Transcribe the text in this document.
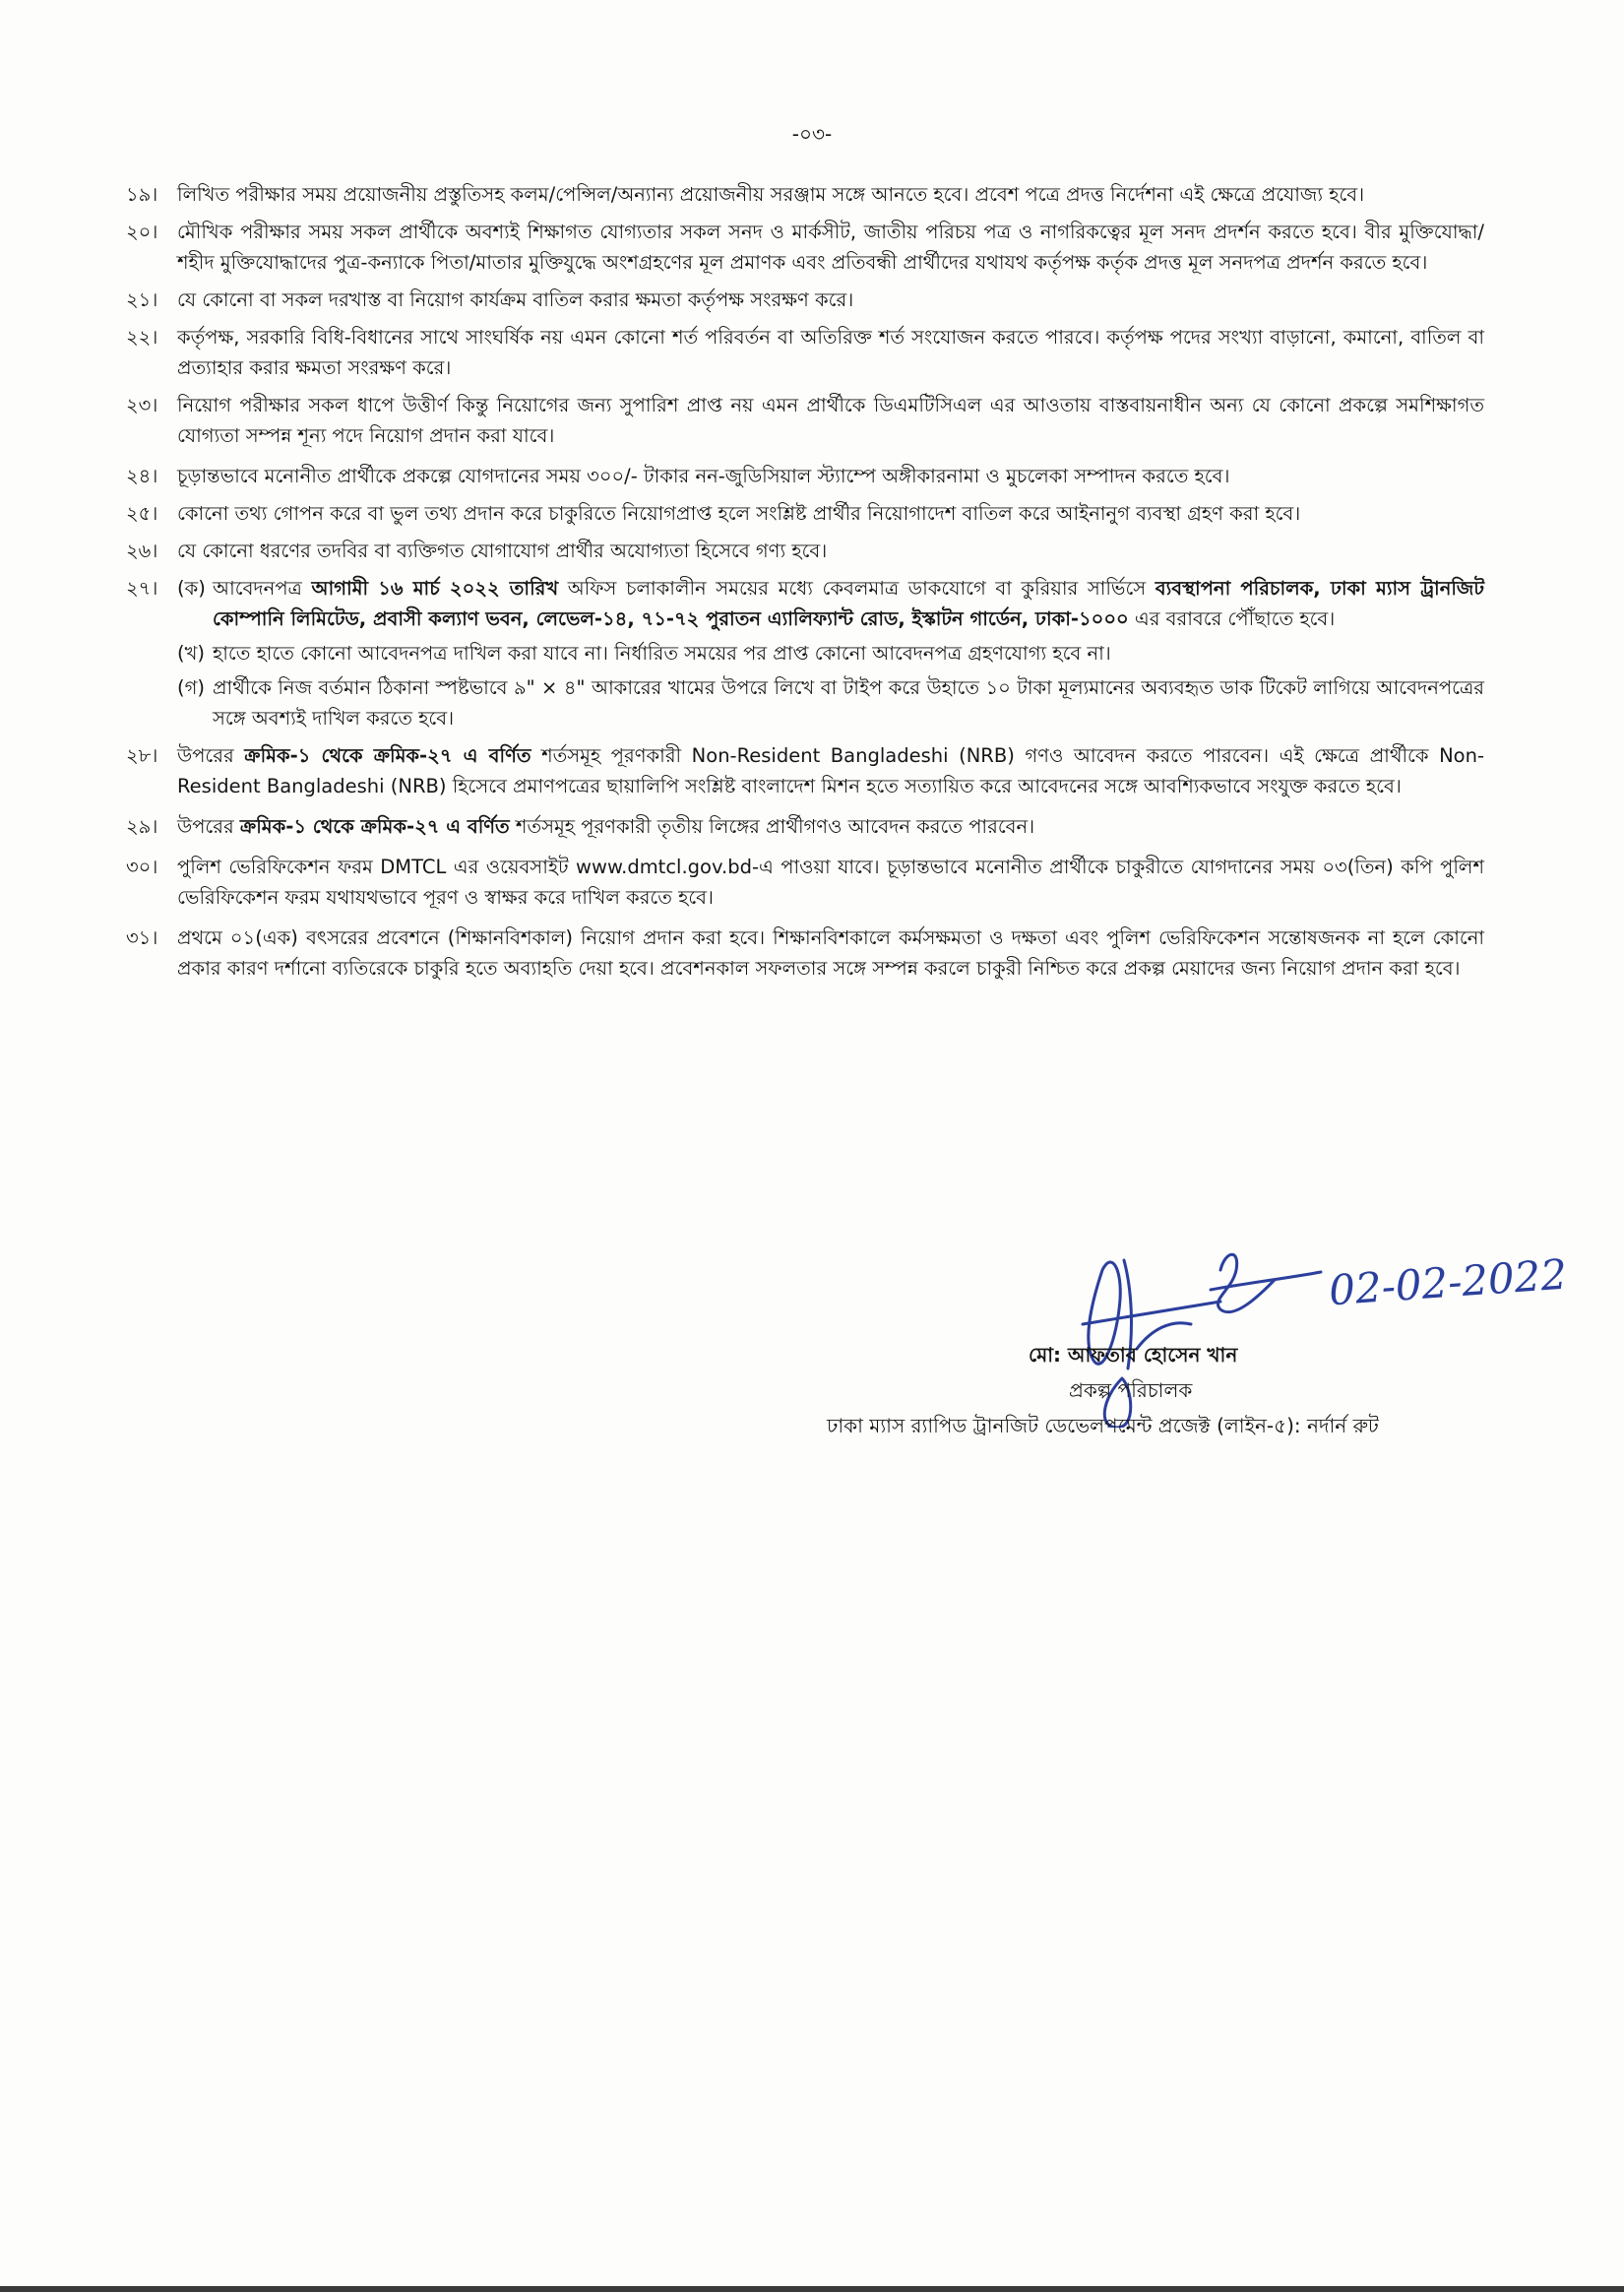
-০৩-
১৯।	লিখিত পরীক্ষার সময় প্রয়োজনীয় প্রস্তুতিসহ কলম/পেন্সিল/অন্যান্য প্রয়োজনীয় সরঞ্জাম সঙ্গে আনতে হবে। প্রবেশ পত্রে প্রদত্ত নির্দেশনা এই ক্ষেত্রে প্রযোজ্য হবে।
২০।	মৌখিক পরীক্ষার সময় সকল প্রার্থীকে অবশ্যই শিক্ষাগত যোগ্যতার সকল সনদ ও মার্কসীট, জাতীয় পরিচয় পত্র ও নাগরিকত্বের মূল সনদ প্রদর্শন করতে হবে। বীর মুক্তিযোদ্ধা/শহীদ মুক্তিযোদ্ধাদের পুত্র-কন্যাকে পিতা/মাতার মুক্তিযুদ্ধে অংশগ্রহণের মূল প্রমাণক এবং প্রতিবন্ধী প্রার্থীদের যথাযথ কর্তৃপক্ষ কর্তৃক প্রদত্ত মূল সনদপত্র প্রদর্শন করতে হবে।
২১।	যে কোনো বা সকল দরখাস্ত বা নিয়োগ কার্যক্রম বাতিল করার ক্ষমতা কর্তৃপক্ষ সংরক্ষণ করে।
২২।	কর্তৃপক্ষ, সরকারি বিধি-বিধানের সাথে সাংঘর্ষিক নয় এমন কোনো শর্ত পরিবর্তন বা অতিরিক্ত শর্ত সংযোজন করতে পারবে। কর্তৃপক্ষ পদের সংখ্যা বাড়ানো, কমানো, বাতিল বা প্রত্যাহার করার ক্ষমতা সংরক্ষণ করে।
২৩।	নিয়োগ পরীক্ষার সকল ধাপে উত্তীর্ণ কিন্তু নিয়োগের জন্য সুপারিশ প্রাপ্ত নয় এমন প্রার্থীকে ডিএমটিসিএল এর আওতায় বাস্তবায়নাধীন অন্য যে কোনো প্রকল্পে সমশিক্ষাগত যোগ্যতা সম্পন্ন শূন্য পদে নিয়োগ প্রদান করা যাবে।
২৪।	চূড়ান্তভাবে মনোনীত প্রার্থীকে প্রকল্পে যোগদানের সময় ৩০০/- টাকার নন-জুডিসিয়াল স্ট্যাম্পে অঙ্গীকারনামা ও মুচলেকা সম্পাদন করতে হবে।
২৫।	কোনো তথ্য গোপন করে বা ভুল তথ্য প্রদান করে চাকুরিতে নিয়োগপ্রাপ্ত হলে সংশ্লিষ্ট প্রার্থীর নিয়োগাদেশ বাতিল করে আইনানুগ ব্যবস্থা গ্রহণ করা হবে।
২৬।	যে কোনো ধরণের তদবির বা ব্যক্তিগত যোগাযোগ প্রার্থীর অযোগ্যতা হিসেবে গণ্য হবে।
২৭।	(ক) আবেদনপত্র আগামী ১৬ মার্চ ২০২২ তারিখ অফিস চলাকালীন সময়ের মধ্যে কেবলমাত্র ডাকযোগে বা কুরিয়ার সার্ভিসে ব্যবস্থাপনা পরিচালক, ঢাকা ম্যাস ট্রানজিট কোম্পানি লিমিটেড, প্রবাসী কল্যাণ ভবন, লেভেল-১৪, ৭১-৭২ পুরাতন এ্যালিফ্যান্ট রোড, ইস্কাটন গার্ডেন, ঢাকা-১০০০ এর বরাবরে পৌঁছাতে হবে।
(খ) হাতে হাতে কোনো আবেদনপত্র দাখিল করা যাবে না। নির্ধারিত সময়ের পর প্রাপ্ত কোনো আবেদনপত্র গ্রহণযোগ্য হবে না।
(গ) প্রার্থীকে নিজ বর্তমান ঠিকানা স্পষ্টভাবে ৯" × ৪" আকারের খামের উপরে লিখে বা টাইপ করে উহাতে ১০ টাকা মূল্যমানের অব্যবহৃত ডাক টিকেট লাগিয়ে আবেদনপত্রের সঙ্গে অবশ্যই দাখিল করতে হবে।
২৮।	উপরের ক্রমিক-১ থেকে ক্রমিক-২৭ এ বর্ণিত শর্তসমূহ পূরণকারী Non-Resident Bangladeshi (NRB) গণও আবেদন করতে পারবেন। এই ক্ষেত্রে প্রার্থীকে Non-Resident Bangladeshi (NRB) হিসেবে প্রমাণপত্রের ছায়ালিপি সংশ্লিষ্ট বাংলাদেশ মিশন হতে সত্যায়িত করে আবেদনের সঙ্গে আবশ্যিকভাবে সংযুক্ত করতে হবে।
২৯।	উপরের ক্রমিক-১ থেকে ক্রমিক-২৭ এ বর্ণিত শর্তসমূহ পূরণকারী তৃতীয় লিঙ্গের প্রার্থীগণও আবেদন করতে পারবেন।
৩০।	পুলিশ ভেরিফিকেশন ফরম DMTCL এর ওয়েবসাইট www.dmtcl.gov.bd-এ পাওয়া যাবে। চূড়ান্তভাবে মনোনীত প্রার্থীকে চাকুরীতে যোগদানের সময় ০৩(তিন) কপি পুলিশ ভেরিফিকেশন ফরম যথাযথভাবে পূরণ ও স্বাক্ষর করে দাখিল করতে হবে।
৩১।	প্রথমে ০১(এক) বৎসরের প্রবেশনে (শিক্ষানবিশকাল) নিয়োগ প্রদান করা হবে। শিক্ষানবিশকালে কর্মসক্ষমতা ও দক্ষতা এবং পুলিশ ভেরিফিকেশন সন্তোষজনক না হলে কোনো প্রকার কারণ দর্শানো ব্যতিরেকে চাকুরি হতে অব্যাহতি দেয়া হবে। প্রবেশনকাল সফলতার সঙ্গে সম্পন্ন করলে চাকুরী নিশ্চিত করে প্রকল্প মেয়াদের জন্য নিয়োগ প্রদান করা হবে।
02-02-2022
মো: আফতাব হোসেন খান
প্রকল্প পরিচালক
ঢাকা ম্যাস র‌্যাপিড ট্রানজিট ডেভেলপমেন্ট প্রজেক্ট (লাইন-৫): নর্দার্ন রুট
